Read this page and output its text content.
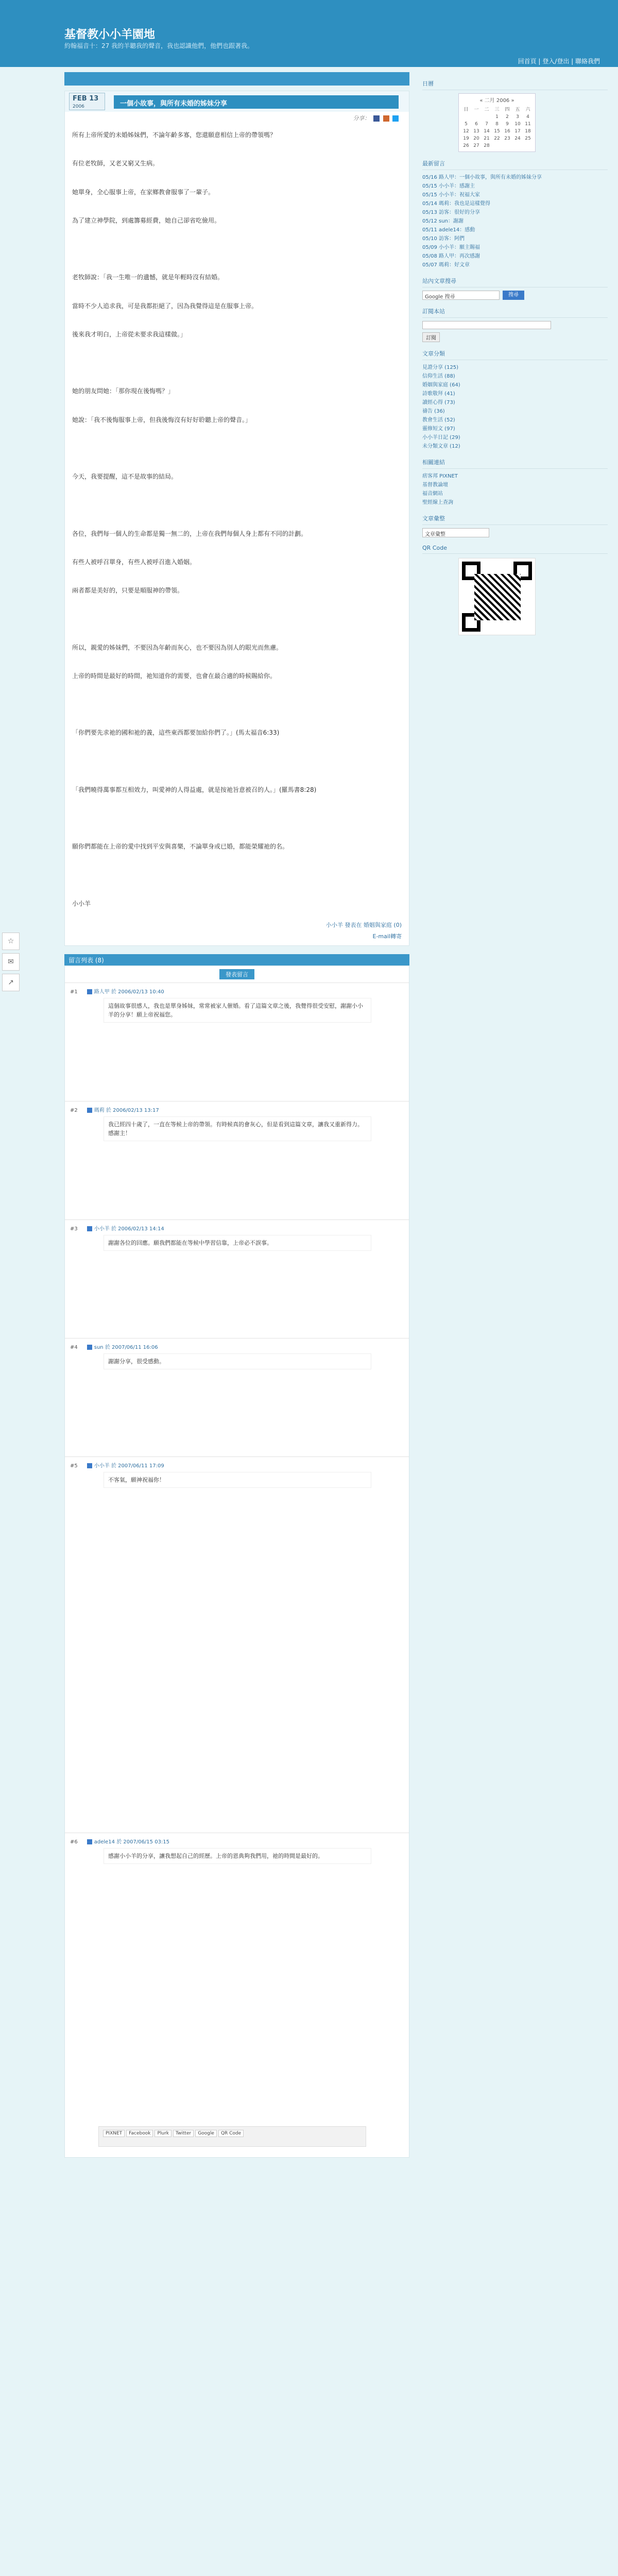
基督教小小羊園地
約翰福音十：27 我的羊聽我的聲音，我也認識他們，他們也跟著我。
回首頁 | 登入/登出 | 聯絡我們
☆
✉
↗
FEB 13
2006	一個小故事，與所有未婚的姊妹分享
分享：

所有上帝所愛的未婚姊妹們，不論年齡多寡，您還願意相信上帝的帶領嗎？

有位老牧師，又老又窮又生病。

她單身，全心服事上帝，在家鄉教會服事了一輩子。

為了建立神學院，到處籌募經費，她自己卻省吃儉用。

老牧師說：「我一生唯一的遺憾，就是年輕時沒有結婚。

當時不少人追求我，可是我都拒絕了，因為我覺得這是在服事上帝。

後來我才明白，上帝從未要求我這樣做。」

她的朋友問她：「那你現在後悔嗎？」

她說：「我不後悔服事上帝，但我後悔沒有好好聆聽上帝的聲音。」

今天，我要提醒，這不是故事的結局。

各位，我們每一個人的生命都是獨一無二的，上帝在我們每個人身上都有不同的計劃。

有些人被呼召單身，有些人被呼召進入婚姻。

兩者都是美好的，只要是順服神的帶領。

所以，親愛的姊妹們，不要因為年齡而灰心，也不要因為別人的眼光而焦慮。

上帝的時間是最好的時間，祂知道你的需要，也會在最合適的時候賜給你。

「你們要先求祂的國和祂的義，這些東西都要加給你們了。」(馬太福音6:33)

「我們曉得萬事都互相效力，叫愛神的人得益處，就是按祂旨意被召的人。」(羅馬書8:28)

願你們都能在上帝的愛中找到平安與喜樂，不論單身或已婚，都能榮耀祂的名。

小小羊

小小羊 發表在 婚姻與家庭 (0)
E-mail轉寄
留言列表 (8)
發表留言
#1	路人甲 於 2006/02/13 10:40
這個故事很感人，我也是單身姊妹，常常被家人催婚。看了這篇文章之後，我覺得很受安慰，謝謝小小羊的分享！願上帝祝福您。
#2	瑪莉 於 2006/02/13 13:17
我已經四十歲了，一直在等候上帝的帶領。有時候真的會灰心，但是看到這篇文章，讓我又重新得力。感謝主！
#3	小小羊 於 2006/02/13 14:14
謝謝各位的回應。願我們都能在等候中學習信靠，上帝必不誤事。
#4	sun 於 2007/06/11 16:06
謝謝分享，很受感動。
#5	小小羊 於 2007/06/11 17:09
不客氣，願神祝福你！
#6	adele14 於 2007/06/15 03:15
感謝小小羊的分享，讓我想起自己的經歷。上帝的恩典夠我們用，祂的時間是最好的。
PIXNET Facebook Plurk Twitter Google QR Code
日曆
« 二月 2006 »
日	一	二	三	四	五	六
			1	2	3	4
5	6	7	8	9	10	11
12	13	14	15	16	17	18
19	20	21	22	23	24	25
26	27	28				
最新留言
05/16 路人甲：一個小故事，與所有未婚的姊妹分享
05/15 小小羊：感謝主
05/15 小小羊：祝福大家
05/14 瑪莉：我也是這樣覺得
05/13 訪客：很好的分享
05/12 sun：謝謝
05/11 adele14：感動
05/10 訪客：阿們
05/09 小小羊：願主賜福
05/08 路人甲：再次感謝
05/07 瑪莉：好文章
站內文章搜尋
Google 搜尋	搜尋
訂閱本站
訂閱
文章分類
見證分享 (125)
信仰生活 (88)
婚姻與家庭 (64)
詩歌敬拜 (41)
讀經心得 (73)
禱告 (36)
教會生活 (52)
靈修短文 (97)
小小羊日記 (29)
未分類文章 (12)
相關連結
痞客邦 PIXNET
基督教論壇
福音網站
聖經線上查詢
文章彙整
文章彙整
QR Code
